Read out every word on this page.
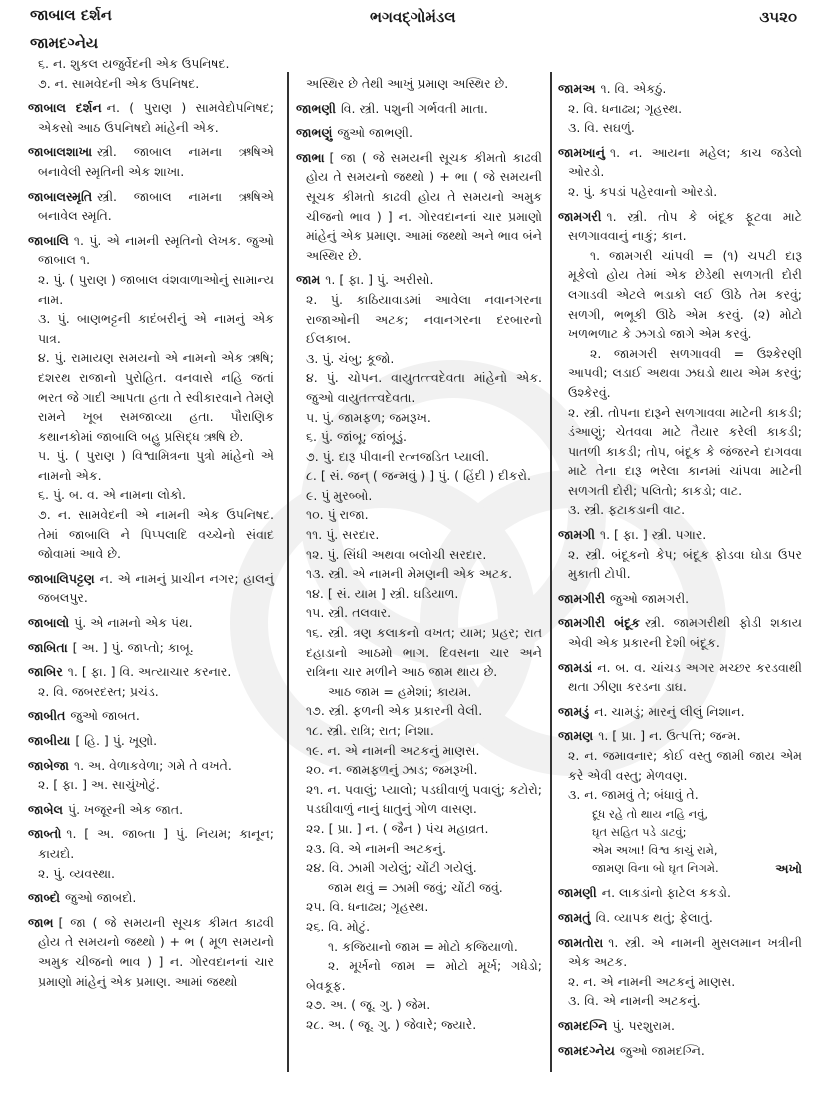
જાબાલ દર્શન
જામદગ્નેય
ભગવદ્ગોમંડલ	૩૫૨૦

૬. ન. શુકલ યજુર્વેદની એક ઉપનિષદ.

૭. ન. સામવેદની એક ઉપનિષદ.

જાબાલ દર્શન ન. ( પુરાણ ) સામવેદોપનિષદ; એકસો આઠ ઉપનિષદો માંહેની એક.

જાબાલશાખા સ્ત્રી. જાબાલ નામના ઋષિએ બનાવેલી સ્મૃતિની એક શાખા.

જાબાલસ્મૃતિ સ્ત્રી. જાબાલ નામના ઋષિએ બનાવેલ સ્મૃતિ.

જાબાલિ ૧. પું. એ નામની સ્મૃતિનો લેખક. જુઓ જાબાલ ૧.

૨. પું. ( પુરાણ ) જાબાલ વંશવાળાઓનું સામાન્ય નામ.

૩. પું. બાણભટ્ટની કાદંબરીનું એ નામનું એક પાત્ર.

૪. પું. રામાયણ સમયનો એ નામનો એક ઋષિ; દશરથ રાજાનો પુરોહિત. વનવાસે નહિ જતાં ભરત જે ગાદી આપતા હતા તે સ્વીકારવાને તેમણે રામને ખૂબ સમજાવ્યા હતા. પૌરાણિક કથાનકોમાં જાબાલિ બહુ પ્રસિદ્ધ ઋષિ છે.

૫. પું. ( પુરાણ ) વિશ્વામિત્રના પુત્રો માંહેનો એ નામનો એક.

૬. પું. બ. વ. એ નામના લોકો.

૭. ન. સામવેદની એ નામની એક ઉપનિષદ. તેમાં જાબાલિ ને પિપ્પલાદિ વચ્ચેનો સંવાદ જોવામાં આવે છે.

જાબાલિપટ્ટણ ન. એ નામનું પ્રાચીન નગર; હાલનું જબલપુર.

જાબાલો પું. એ નામનો એક પંથ.

જાબિતા [ અ. ] પું. જાપ્તો; કાબૂ.

જાબિર ૧. [ ફા. ] વિ. અત્યાચાર કરનાર.

૨. વિ. જબરદસ્ત; પ્રચંડ.

જાબીત જુઓ જાબત.

જાબીયા [ હિ. ] પું. ખૂણો.

જાબેજા ૧. અ. વેળાકવેળા; ગમે તે વખતે.

૨. [ ફા. ] અ. સાચુંખોટું.

જાબેલ પું. ખજૂરની એક જાત.

જાબ્તો ૧. [ અ. જાબ્તા ] પું. નિયમ; કાનૂન; કાયદો.

૨. પું. વ્યવસ્થા.

જાબ્દો જુઓ જાબદો.

જાભ [ જા ( જે સમયની સૂચક કીમત કાઢવી હોય તે સમયનો જથ્થો ) + ભ ( મૂળ સમયનો અમુક ચીજનો ભાવ ) ] ન. ગોરવદાનનાં ચાર પ્રમાણો માંહેનું એક પ્રમાણ. આમાં જથ્થો

અસ્થિર છે તેથી આખું પ્રમાણ અસ્થિર છે.

જાભણી વિ. સ્ત્રી. પશુની ગર્ભવતી માતા.

જાભણું જુઓ જાભણી.

જાભા [ જા ( જે સમયની સૂચક કીમતો કાઢવી હોય તે સમયનો જથ્થો ) + ભા ( જે સમયની સૂચક કીમતો કાઢવી હોય તે સમયનો અમુક ચીજનો ભાવ ) ] ન. ગોરવદાનનાં ચાર પ્રમાણો માંહેનું એક પ્રમાણ. આમાં જથ્થો અને ભાવ બંને અસ્થિર છે.

જામ ૧. [ ફા. ] પું. અરીસો.

૨. પું. કાઠિયાવાડમાં આવેલા નવાનગરના રાજાઓની અટક; નવાનગરના દરબારનો ઈલકાબ.

૩. પું. ચંબુ; કૂજો.

૪. પું. ચોપન. વાયુતત્ત્વદેવતા માંહેનો એક. જુઓ વાયુતત્ત્વદેવતા.

૫. પું. જામફળ; જમરૂખ.

૬. પું. જાંબૂ; જાંબૂડું.

૭. પું. દારૂ પીવાની રત્નજડિત પ્યાલી.

૮. [ સં. જન્ ( જન્મવું ) ] પું. ( હિંદી ) દીકરો.

૯. પું મુરબ્બો.

૧૦. પું રાજા.

૧૧. પું. સરદાર.

૧૨. પું. સિંધી અથવા બલોચી સરદાર.

૧૩. સ્ત્રી. એ નામની મેમણની એક અટક.

૧૪. [ સં. યામ ] સ્ત્રી. ઘડિયાળ.

૧૫. સ્ત્રી. તલવાર.

૧૬. સ્ત્રી. ત્રણ કલાકનો વખત; યામ; પ્રહર; રાત દહાડાનો આઠમો ભાગ. દિવસના ચાર અને રાત્રિના ચાર મળીને આઠ જામ થાય છે.

આઠ જામ = હમેશાં; કાયમ.

૧૭. સ્ત્રી. ફળની એક પ્રકારની વેલી.

૧૮. સ્ત્રી. રાત્રિ; રાત; નિશા.

૧૯. ન. એ નામની અટકનું માણસ.

૨૦. ન. જામફળનું ઝાડ; જમરૂખી.

૨૧. ન. પવાલું; પ્યાલો; પડઘીવાળું પવાલું; કટોરો; પડઘીવાળું નાનું ધાતુનું ગોળ વાસણ.

૨૨. [ પ્રા. ] ન. ( જૈન ) પંચ મહાવ્રત.

૨૩. વિ. એ નામની અટકનું.

૨૪. વિ. ઝામી ગયેલું; ચોંટી ગયેલું.

જામ થવું = ઝામી જવું; ચોંટી જવું.

૨૫. વિ. ધનાઢ્ય; ગૃહસ્થ.

૨૬. વિ. મોટું.

૧. કજિયાનો જામ = મોટો કજિયાળો.

૨. મૂર્ખનો જામ = મોટો મૂર્ખ; ગધેડો; બેવકૂફ.

૨૭. અ. ( જૂ. ગુ. ) જેમ.

૨૮. અ. ( જૂ. ગુ. ) જેવારે; જ્યારે.

જામઅ ૧. વિ. એકઠું.

૨. વિ. ધનાઢ્ય; ગૃહસ્થ.

૩. વિ. સઘળું.

જામખાનું ૧. ન. આયના મહેલ; કાચ જડેલો ઓરડો.

૨. પું. કપડાં પહેરવાનો ઓરડો.

જામગરી ૧. સ્ત્રી. તોપ કે બંદૂક ફૂટવા માટે સળગાવવાનું નાકું; કાન.

૧. જામગરી ચાંપવી = (૧) ચપટી દારૂ મૂકેલો હોય તેમાં એક છેડેથી સળગતી દોરી લગાડવી એટલે ભડાકો લઈ ઊઠે તેમ કરવું; સળગી, ભભૂકી ઊઠે એમ કરવું. (૨) મોટો ખળભળાટ કે ઝગડો જાગે એમ કરવું.

૨. જામગરી સળગાવવી = ઉશ્કેરણી આપવી; લડાઈ અથવા ઝઘડો થાય એમ કરવું; ઉશ્કેરવું.

૨. સ્ત્રી. તોપના દારૂને સળગાવવા માટેની કાકડી; ડંઆણું; ચેતવવા માટે તૈયાર કરેલી કાકડી; પાતળી કાકડી; તોપ, બંદૂક કે જંજરને દાગવવા માટે તેના દારૂ ભરેલા કાનમાં ચાંપવા માટેની સળગતી દોરી; પલિતો; કાકડો; વાટ.

૩. સ્ત્રી. ફટાકડાની વાટ.

જામગી ૧. [ ફા. ] સ્ત્રી. પગાર.

૨. સ્ત્રી. બંદૂકનો કેપ; બંદૂક ફોડવા ઘોડા ઉપર મુકાતી ટોપી.

જામગીરી જુઓ જામગરી.

જામગીરી બંદૂક સ્ત્રી. જામગરીથી ફોડી શકાય એવી એક પ્રકારની દેશી બંદૂક.

જામડાં ન. બ. વ. ચાંચડ અગર મચ્છર કરડવાથી થતા ઝીણા કરડના ડાઘ.

જામડું ન. ચામડું; મારનું લીલું નિશાન.

જામણ ૧. [ પ્રા. ] ન. ઉત્પત્તિ; જન્મ.

૨. ન. જમાવનાર; કોઈ વસ્તુ જામી જાય એમ કરે એવી વસ્તુ; મેળવણ.

૩. ન. જામવું તે; બંધાવું તે.

દૂધ રહે તો થાય નહિ નવું,

ઘૃત સહિત પડે ડાટવું;

એમ અખા! વિશ્વ કાચું રામે,

જામણ વિના બો ઘૃત નિગમે.	અખો

જામણી ન. લાકડાંનો ફાટેલ કકડો.

જામતું વિ. વ્યાપક થતું; ફેલાતું.

જામતોરા ૧. સ્ત્રી. એ નામની મુસલમાન ખત્રીની એક અટક.

૨. ન. એ નામની અટકનું માણસ.

૩. વિ. એ નામની અટકનું.

જામદગ્નિ પું. પરશુરામ.

જામદગ્નેય જુઓ જામદગ્નિ.
